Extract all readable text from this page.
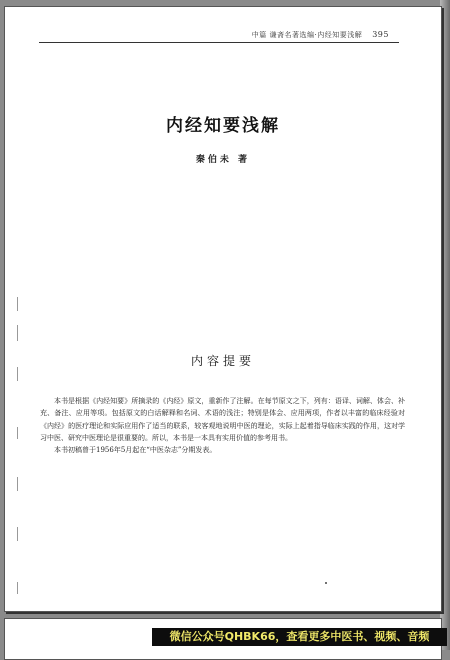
中篇 谦斋名著选编·内经知要浅解 395
内经知要浅解
秦伯未 著
内容提要

本书是根据《内经知要》所摘录的《内经》原文，重新作了注解。在每节原文之下，列有：语译、词解、体会、补充、备注、应用等项。包括原文的白话解释和名词、术语的浅注；特别是体会、应用两项，作者以丰富的临床经验对《内经》的医疗理论和实际应用作了适当的联系，较客观地说明中医的理论，实际上起着指导临床实践的作用，这对学习中医、研究中医理论是很重要的。所以，本书是一本具有实用价值的参考用书。

本书初稿曾于1956年5月起在“中医杂志”分期发表。

微信公众号QHBK66，查看更多中医书、视频、音频
